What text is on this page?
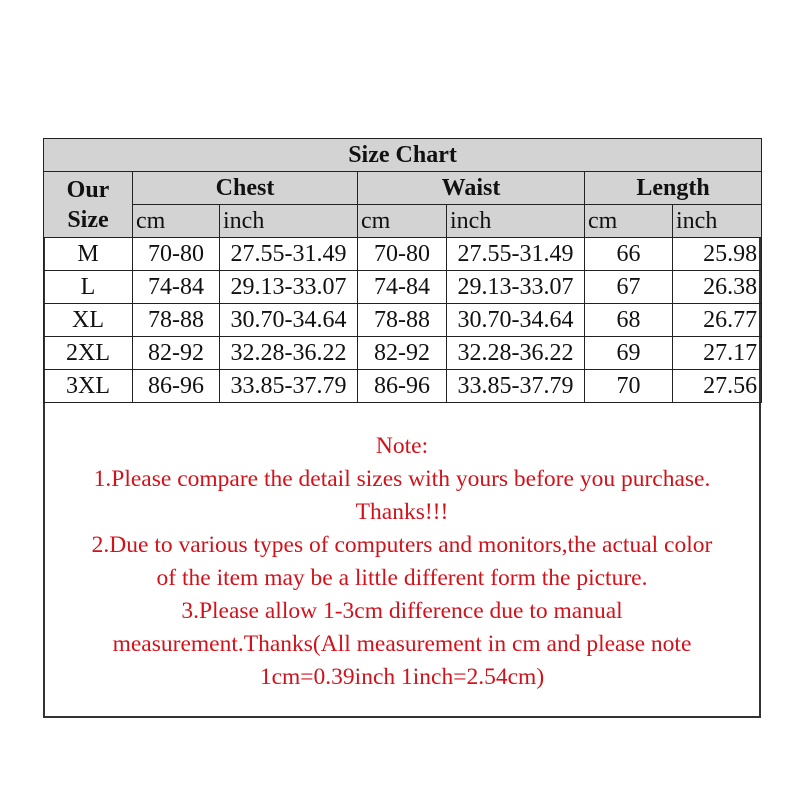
Size Chart						

Our
Size	Chest		Waist		Length	
	cm	inch	cm	inch	cm	inch
M	70-80	27.55-31.49	70-80	27.55-31.49	66	25.98
L	74-84	29.13-33.07	74-84	29.13-33.07	67	26.38
XL	78-88	30.70-34.64	78-88	30.70-34.64	68	26.77
2XL	82-92	32.28-36.22	82-92	32.28-36.22	69	27.17
3XL	86-96	33.85-37.79	86-96	33.85-37.79	70	27.56
Note:
1.Please compare the detail sizes with yours before you purchase.
Thanks!!!
2.Due to various types of computers and monitors,the actual color
of the item may be a little different form the picture.
3.Please allow 1-3cm difference due to manual
measurement.Thanks(All measurement in cm and please note
1cm=0.39inch 1inch=2.54cm)
